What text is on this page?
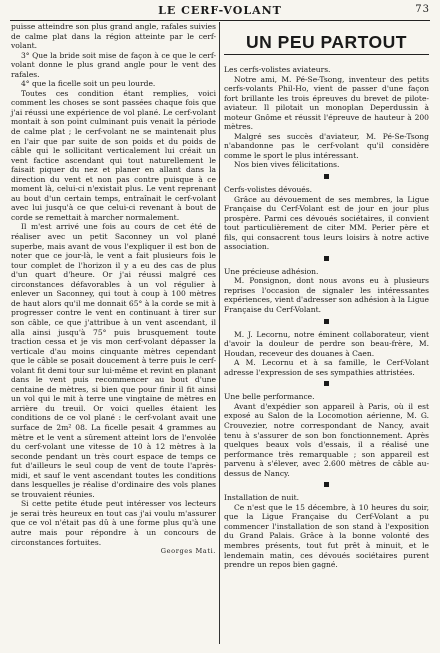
LE CERF-VOLANT	73

puisse atteindre son plus grand angle, rafales suivies de calme plat dans la région atteinte par le cerf-volant.

3° Que la bride soit mise de façon à ce que le cerf-volant donne le plus grand angle pour le vent des rafales.

4° que la ficelle soit un peu lourde.

Toutes ces condition étant remplies, voici comment les choses se sont passées chaque fois que j'ai réussi une expérience de vol plané. Le cerf-volant montait à son point culminant puis venait la période de calme plat ; le cerf-volant ne se maintenait plus en l'air que par suite de son poids et du poids de câble qui le sollicitant verticalement lui créait un vent factice ascendant qui tout naturellement le faisait piquer du nez et planer en allant dans la direction du vent et non pas contre puisque à ce moment là, celui-ci n'existait plus. Le vent reprenant au bout d'un certain temps, entraînait le cerf-volant avec lui jusqu'à ce que celui-ci revenant à bout de corde se remettait à marcher normalement.

Il m'est arrivé une fois au cours de cet été de réaliser avec un petit Saconney un vol plané superbe, mais avant de vous l'expliquer il est bon de noter que ce jour-là, le vent a fait plusieurs fois le tour complet de l'horizon il y a eu des cas de plus d'un quart d'heure. Or j'ai réussi malgré ces circonstances défavorables à un vol régulier à enlever un Saconney, qui tout à coup à 100 mètres de haut alors qu'il me donnait 65° à la corde se mit à progresser contre le vent en continuant à tirer sur son câble, ce que j'attribue à un vent ascendant, il alla ainsi jusqu'à 75° puis brusquement toute traction cessa et je vis mon cerf-volant dépasser la verticale d'au moins cinquante mètres cependant que le câble se posait doucement à terre puis le cerf-volant fit demi tour sur lui-même et revint en planant dans le vent puis recommencer au bout d'une centaine de mètres, si bien que pour finir il fit ainsi un vol qui le mit à terre une vingtaine de mètres en arrière du treuil. Or voici quelles étaient les conditions de ce vol plané : le cerf-volant avait une surface de 2m² 08. La ficelle pesait 4 grammes au mètre et le vent a sûrement atteint lors de l'envolée du cerf-volant une vitesse de 10 à 12 mètres à la seconde pendant un très court espace de temps ce fut d'ailleurs le seul coup de vent de toute l'après-midi, et sauf le vent ascendant toutes les conditions dans lesquelles je réalise d'ordinaire des vols planes se trouvaient réunies.

Si cette petite étude peut intéresser vos lecteurs je serai très heureux en tout cas j'ai voulu m'assurer que ce vol n'était pas dû à une forme plus qu'à une autre mais pour répondre à un concours de circonstances fortuites.

Georges Mati.

UN PEU PARTOUT

Les cerfs-volistes aviateurs.

Notre ami, M. Pé-Se-Tsong, inventeur des petits cerfs-volants Phil-Ho, vient de passer d'une façon fort brillante les trois épreuves du brevet de pilote-aviateur. Il pilotait un monoplan Deperdussin à moteur Gnôme et réussit l'épreuve de hauteur à 200 mètres.

Malgré ses succès d'aviateur, M. Pé-Se-Tsong n'abandonne pas le cerf-volant qu'il considère comme le sport le plus intéressant.

Nos bien vives félicitations.

Cerfs-volistes dévoués.

Grâce au dévouement de ses membres, la Ligue Française du Cerf-Volant est de jour en jour plus prospère. Parmi ces dévoués sociétaires, il convient tout particulièrement de citer MM. Perier père et fils, qui consacrent tous leurs loisirs à notre active association.

Une précieuse adhésion.

M. Ponsignon, dont nous avons eu à plusieurs reprises l'occasion de signaler les intéressantes expériences, vient d'adresser son adhésion à la Ligue Française du Cerf-Volant.

M. J. Lecornu, notre éminent collaborateur, vient d'avoir la douleur de perdre son beau-frère, M. Houdan, receveur des douanes à Caen.

A M. Lecornu et à sa famille, le Cerf-Volant adresse l'expression de ses sympathies attristées.

Une belle performance.

Avant d'expédier son appareil à Paris, où il est exposé au Salon de la Locomotion aérienne, M. G. Crouvezier, notre correspondant de Nancy, avait tenu à s'assurer de son bon fonctionnement. Après quelques beaux vols d'essais, il a réalisé une performance très remarquable ; son appareil est parvenu à s'élever, avec 2.600 mètres de câble au-dessus de Nancy.

Installation de nuit.

Ce n'est que le 15 décembre, à 10 heures du soir, que la Ligue Française du Cerf-Volant a pu commencer l'installation de son stand à l'exposition du Grand Palais. Grâce à la bonne volonté des membres présents, tout fut prêt à minuit, et le lendemain matin, ces dévoués sociétaires purent prendre un repos bien gagné.
